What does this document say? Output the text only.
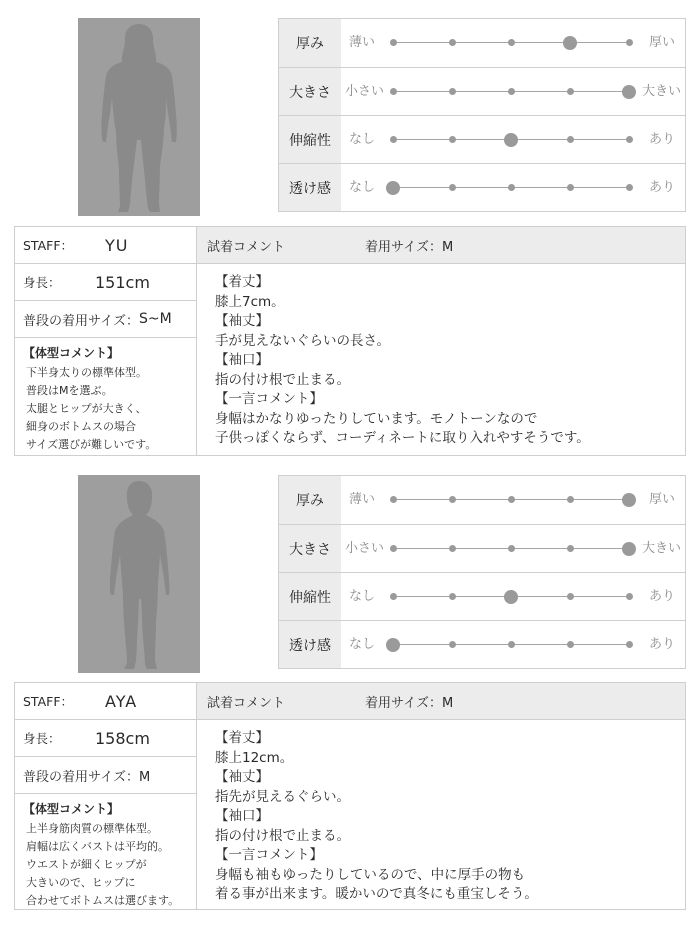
厚み	薄い	厚い
大きさ	小さい	大きい
伸縮性	なし	あり
透け感	なし	あり
STAFF：	YU
身長：	151cm
普段の着用サイズ： S~M
【体型コメント】
下半身太りの標準体型。
普段はMを選ぶ。
太腿とヒップが大きく、
細身のボトムスの場合
サイズ選びが難しいです。
試着コメント	着用サイズ：M
【着丈】
膝上7cm。
【袖丈】
手が見えないぐらいの長さ。
【袖口】
指の付け根で止まる。
【一言コメント】
身幅はかなりゆったりしています。モノトーンなので
子供っぽくならず、コーディネートに取り入れやすそうです。
厚み	薄い	厚い
大きさ	小さい	大きい
伸縮性	なし	あり
透け感	なし	あり
STAFF：	AYA
身長：	158cm
普段の着用サイズ：M
【体型コメント】
上半身筋肉質の標準体型。
肩幅は広くバストは平均的。
ウエストが細くヒップが
大きいので、ヒップに
合わせてボトムスは選びます。
試着コメント	着用サイズ：M
【着丈】
膝上12cm。
【袖丈】
指先が見えるぐらい。
【袖口】
指の付け根で止まる。
【一言コメント】
身幅も袖もゆったりしているので、中に厚手の物も
着る事が出来ます。暖かいので真冬にも重宝しそう。
